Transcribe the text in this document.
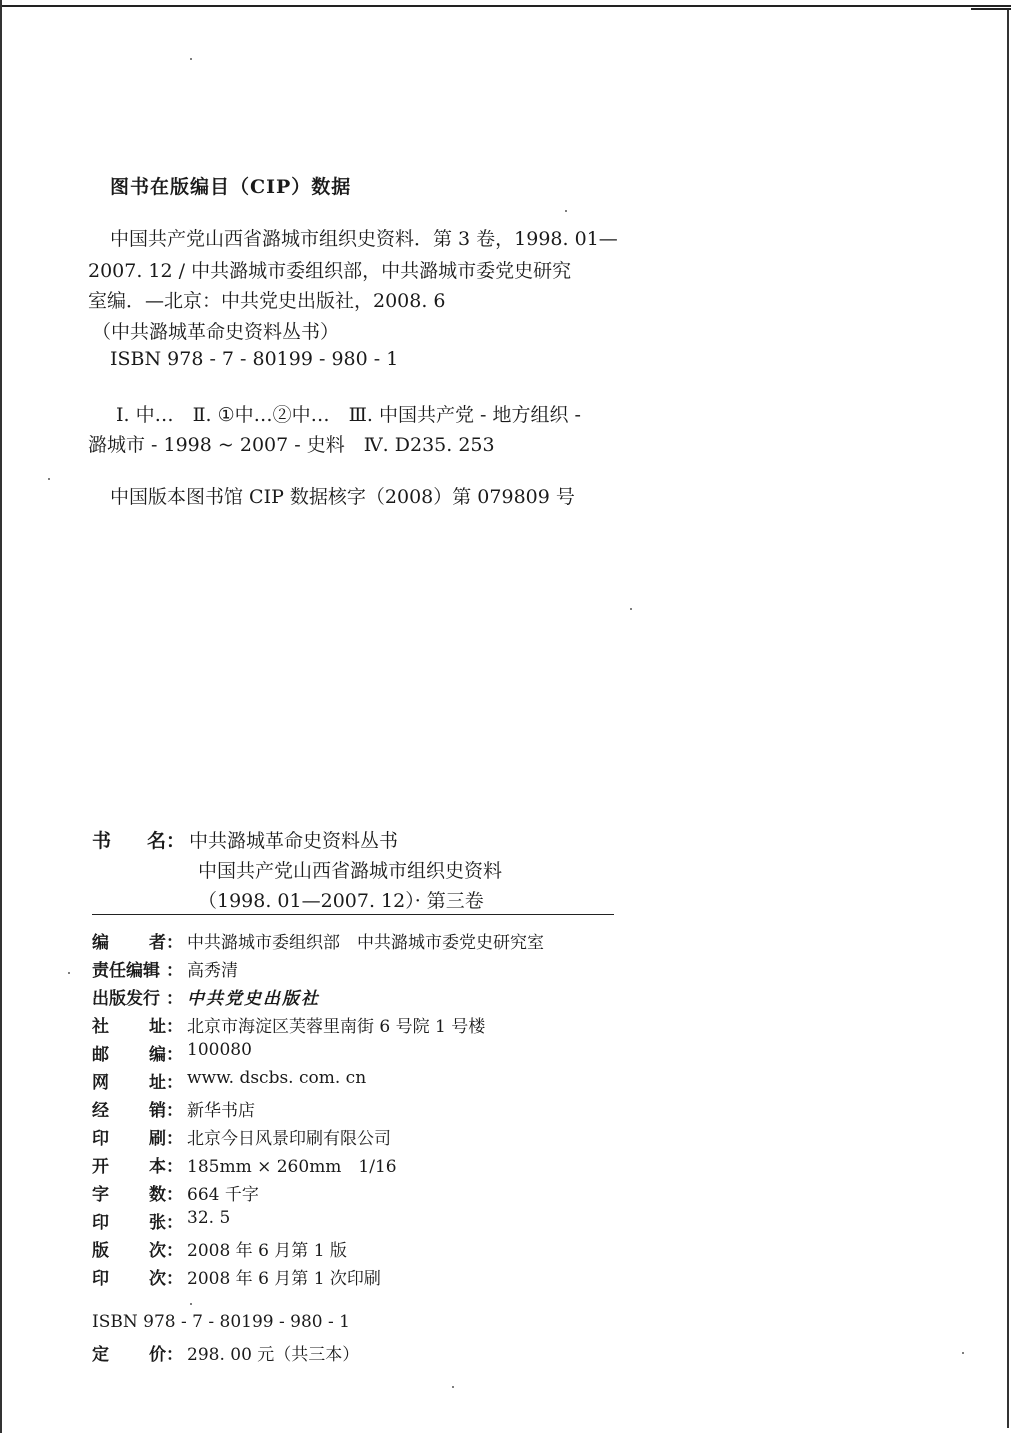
图书在版编目（CIP）数据
中国共产党山西省潞城市组织史资料．第 3 卷，1998. 01—
2007. 12 / 中共潞城市委组织部，中共潞城市委党史研究
室编．—北京：中共党史出版社，2008. 6
（中共潞城革命史资料丛书）
ISBN 978 - 7 - 80199 - 980 - 1
Ⅰ. 中…　Ⅱ. ①中…②中…　Ⅲ. 中国共产党 - 地方组织 -
潞城市 - 1998 ~ 2007 - 史料　Ⅳ. D235. 253
中国版本图书馆 CIP 数据核字（2008）第 079809 号
书 名 ： 中共潞城革命史资料丛书
中国共产党山西省潞城市组织史资料
（1998. 01—2007. 12）· 第三卷
编 者 ： 中共潞城市委组织部　中共潞城市委党史研究室
责任编辑 ： 高秀清
出版发行 ： 中共党史出版社
社 址 ： 北京市海淀区芙蓉里南街 6 号院 1 号楼
邮 编 ： 100080
网 址 ： www. dscbs. com. cn
经 销 ： 新华书店
印 刷 ： 北京今日风景印刷有限公司
开 本 ： 185mm × 260mm　1/16
字 数 ： 664 千字
印 张 ： 32. 5
版 次 ： 2008 年 6 月第 1 版
印 次 ： 2008 年 6 月第 1 次印刷
ISBN 978 - 7 - 80199 - 980 - 1
定 价 ： 298. 00 元（共三本）
